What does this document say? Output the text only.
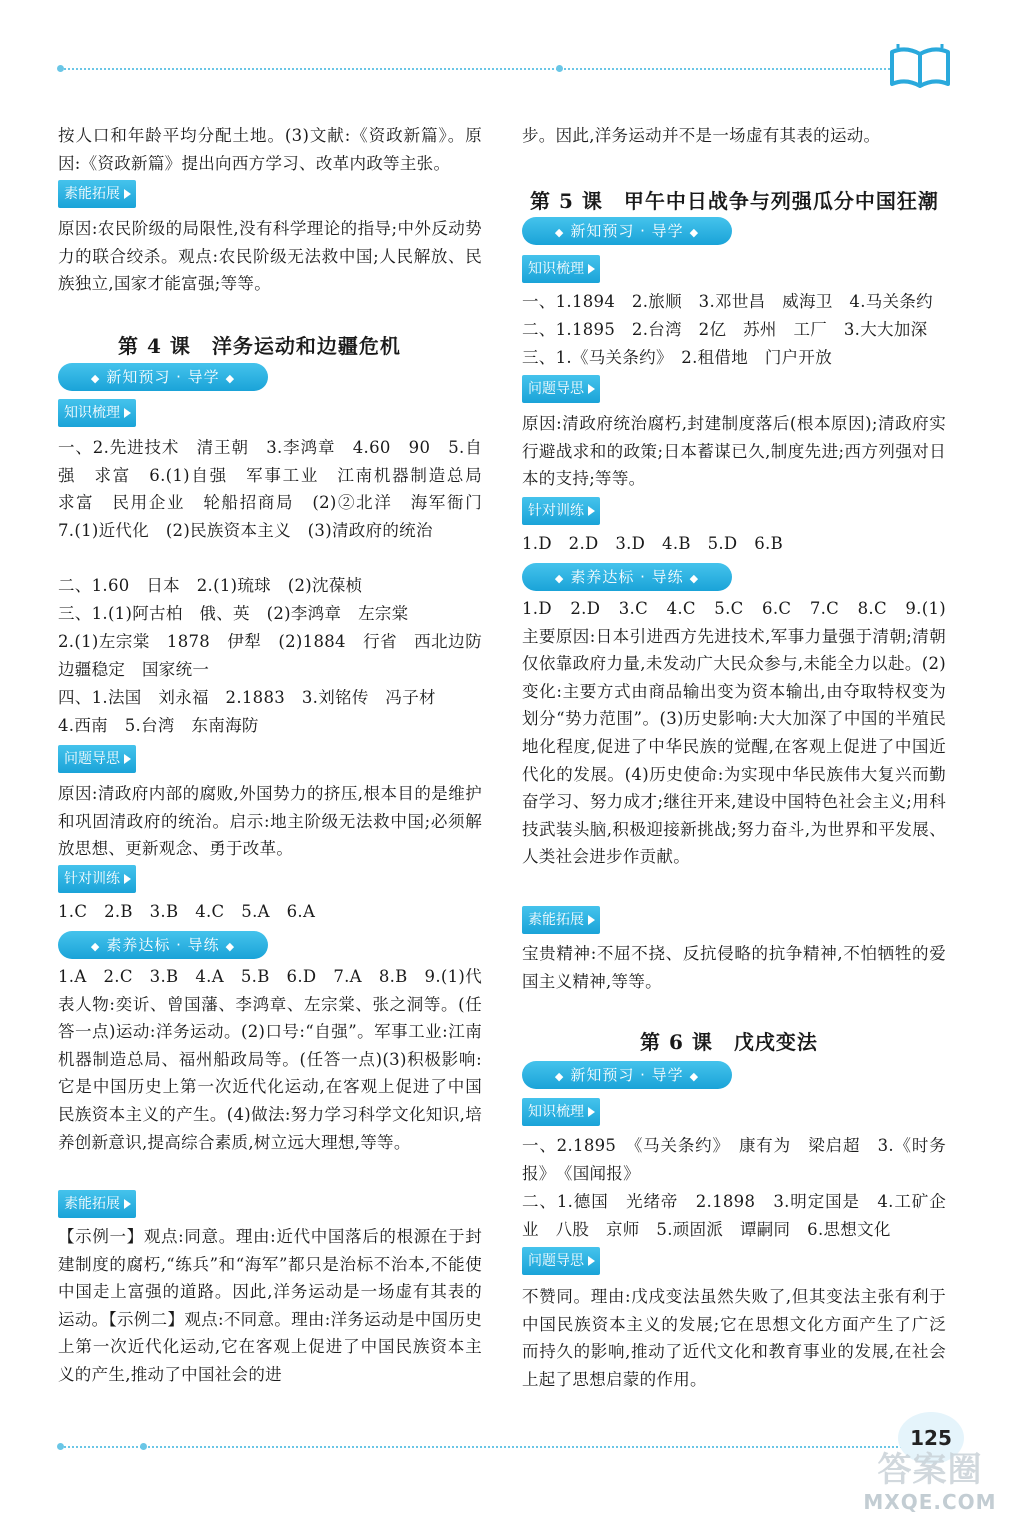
按人口和年龄平均分配土地。(3)文献:《资政新篇》。原因:《资政新篇》提出向西方学习、改革内政等主张。
素能拓展
原因:农民阶级的局限性,没有科学理论的指导;中外反动势力的联合绞杀。观点:农民阶级无法救中国;人民解放、民族独立,国家才能富强;等等。
第 4 课　洋务运动和边疆危机
◆ 新知预习 · 导学 ◆
知识梳理
一、2.先进技术　清王朝　3.李鸿章　4.60　90　5.自强　求富　6.(1)自强　军事工业　江南机器制造总局　求富　民用企业　轮船招商局　(2)②北洋　海军衙门　7.(1)近代化　(2)民族资本主义　(3)清政府的统治
二、1.60　日本　2.(1)琉球　(2)沈葆桢
三、1.(1)阿古柏　俄、英　(2)李鸿章　左宗棠
2.(1)左宗棠　1878　伊犁　(2)1884　行省　西北边防　边疆稳定　国家统一
四、1.法国　刘永福　2.1883　3.刘铭传　冯子材
4.西南　5.台湾　东南海防
问题导思
原因:清政府内部的腐败,外国势力的挤压,根本目的是维护和巩固清政府的统治。启示:地主阶级无法救中国;必须解放思想、更新观念、勇于改革。
针对训练
1.C　2.B　3.B　4.C　5.A　6.A
◆ 素养达标 · 导练 ◆
1.A　2.C　3.B　4.A　5.B　6.D　7.A　8.B　9.(1)代表人物:奕䜣、曾国藩、李鸿章、左宗棠、张之洞等。(任答一点)运动:洋务运动。(2)口号:“自强”。军事工业:江南机器制造总局、福州船政局等。(任答一点)(3)积极影响:它是中国历史上第一次近代化运动,在客观上促进了中国民族资本主义的产生。(4)做法:努力学习科学文化知识,培养创新意识,提高综合素质,树立远大理想,等等。
素能拓展
【示例一】观点:同意。理由:近代中国落后的根源在于封建制度的腐朽,“练兵”和“海军”都只是治标不治本,不能使中国走上富强的道路。因此,洋务运动是一场虚有其表的运动。【示例二】观点:不同意。理由:洋务运动是中国历史上第一次近代化运动,它在客观上促进了中国民族资本主义的产生,推动了中国社会的进
步。因此,洋务运动并不是一场虚有其表的运动。
第 5 课　甲午中日战争与列强瓜分中国狂潮
◆ 新知预习 · 导学 ◆
知识梳理
一、1.1894　2.旅顺　3.邓世昌　威海卫　4.马关条约
二、1.1895　2.台湾　2亿　苏州　工厂　3.大大加深
三、1.《马关条约》　2.租借地　门户开放
问题导思
原因:清政府统治腐朽,封建制度落后(根本原因);清政府实行避战求和的政策;日本蓄谋已久,制度先进;西方列强对日本的支持;等等。
针对训练
1.D　2.D　3.D　4.B　5.D　6.B
◆ 素养达标 · 导练 ◆
1.D　2.D　3.C　4.C　5.C　6.C　7.C　8.C　9.(1)主要原因:日本引进西方先进技术,军事力量强于清朝;清朝仅依靠政府力量,未发动广大民众参与,未能全力以赴。(2)变化:主要方式由商品输出变为资本输出,由夺取特权变为划分“势力范围”。(3)历史影响:大大加深了中国的半殖民地化程度,促进了中华民族的觉醒,在客观上促进了中国近代化的发展。(4)历史使命:为实现中华民族伟大复兴而勤奋学习、努力成才;继往开来,建设中国特色社会主义;用科技武装头脑,积极迎接新挑战;努力奋斗,为世界和平发展、人类社会进步作贡献。
素能拓展
宝贵精神:不屈不挠、反抗侵略的抗争精神,不怕牺牲的爱国主义精神,等等。
第 6 课　戊戌变法
◆ 新知预习 · 导学 ◆
知识梳理
一、2.1895　《马关条约》　康有为　梁启超　3.《时务报》　《国闻报》
二、1.德国　光绪帝　2.1898　3.明定国是　4.工矿企业　八股　京师　5.顽固派　谭嗣同　6.思想文化
问题导思
不赞同。理由:戊戌变法虽然失败了,但其变法主张有利于中国民族资本主义的发展;它在思想文化方面产生了广泛而持久的影响,推动了近代文化和教育事业的发展,在社会上起了思想启蒙的作用。
125
答案圈
MXQE.COM
